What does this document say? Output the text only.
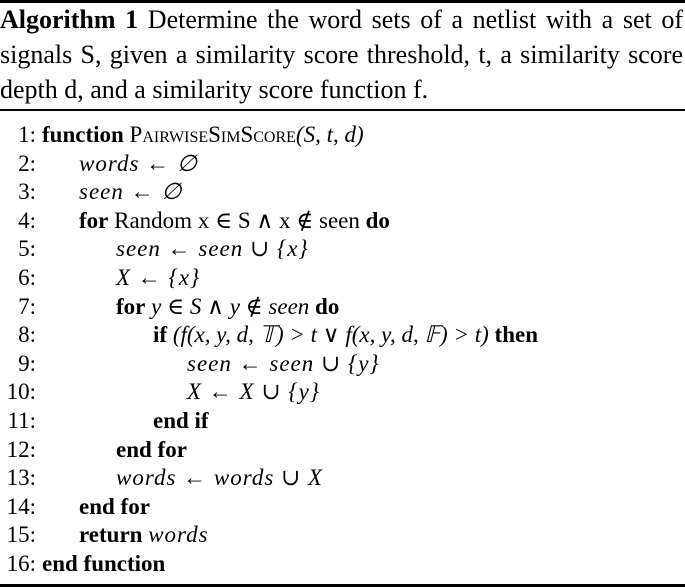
Algorithm 1 Determine the word sets of a netlist with a set of signals S, given a similarity score threshold, t, a similarity score depth d, and a similarity score function f.
1: function PairwiseSimScore(S, t, d)
2: words ← ∅
3: seen ← ∅
4: for Random x ∈ S ∧ x ∉ seen do
5:	seen ← seen ∪ {x}
6:	X ← {x}
7:	for y ∈ S ∧ y ∉ seen do
8:	if (f(x, y, d, 𝕋) > t ∨ f(x, y, d, 𝔽) > t) then
9:	seen ← seen ∪ {y}
10:	X ← X ∪ {y}
11:	end if
12:	end for
13:	words ← words ∪ X
14: end for
15: return words
16: end function
